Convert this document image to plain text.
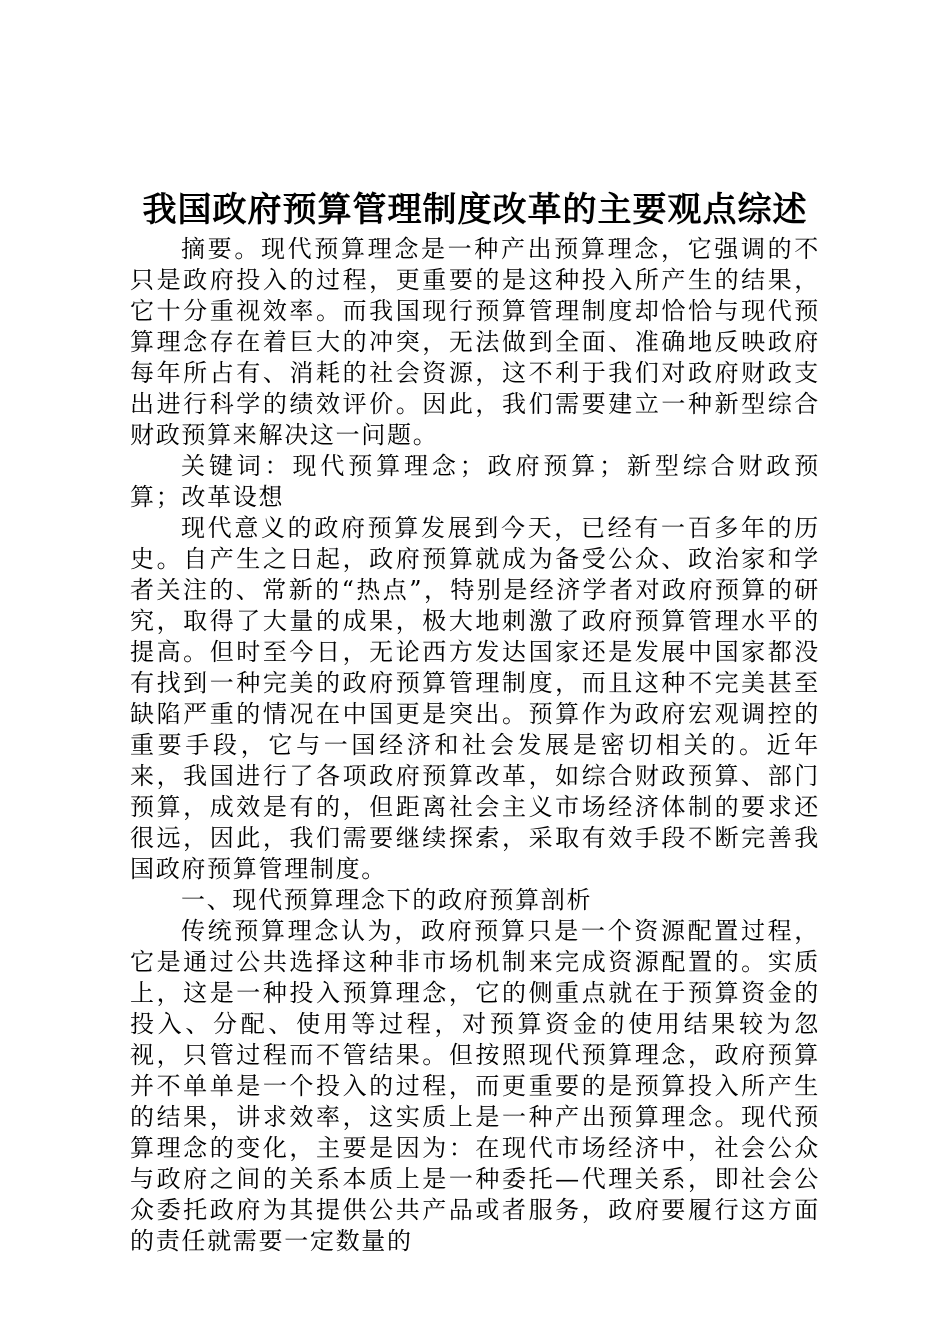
我国政府预算管理制度改革的主要观点综述

摘要。现代预算理念是一种产出预算理念，它强调的不只是政府投入的过程，更重要的是这种投入所产生的结果，它十分重视效率。而我国现行预算管理制度却恰恰与现代预算理念存在着巨大的冲突，无法做到全面、准确地反映政府每年所占有、消耗的社会资源，这不利于我们对政府财政支出进行科学的绩效评价。因此，我们需要建立一种新型综合财政预算来解决这一问题。

关键词：现代预算理念；政府预算；新型综合财政预算；改革设想

现代意义的政府预算发展到今天，已经有一百多年的历史。自产生之日起，政府预算就成为备受公众、政治家和学者关注的、常新的“热点”，特别是经济学者对政府预算的研究，取得了大量的成果，极大地刺激了政府预算管理水平的提高。但时至今日，无论西方发达国家还是发展中国家都没有找到一种完美的政府预算管理制度，而且这种不完美甚至缺陷严重的情况在中国更是突出。预算作为政府宏观调控的重要手段，它与一国经济和社会发展是密切相关的。近年来，我国进行了各项政府预算改革，如综合财政预算、部门预算，成效是有的，但距离社会主义市场经济体制的要求还很远，因此，我们需要继续探索，采取有效手段不断完善我国政府预算管理制度。

一、现代预算理念下的政府预算剖析

传统预算理念认为，政府预算只是一个资源配置过程，它是通过公共选择这种非市场机制来完成资源配置的。实质上，这是一种投入预算理念，它的侧重点就在于预算资金的投入、分配、使用等过程，对预算资金的使用结果较为忽视，只管过程而不管结果。但按照现代预算理念，政府预算并不单单是一个投入的过程，而更重要的是预算投入所产生的结果，讲求效率，这实质上是一种产出预算理念。现代预算理念的变化，主要是因为：在现代市场经济中，社会公众与政府之间的关系本质上是一种委托—代理关系，即社会公众委托政府为其提供公共产品或者服务，政府要履行这方面的责任就需要一定数量的
